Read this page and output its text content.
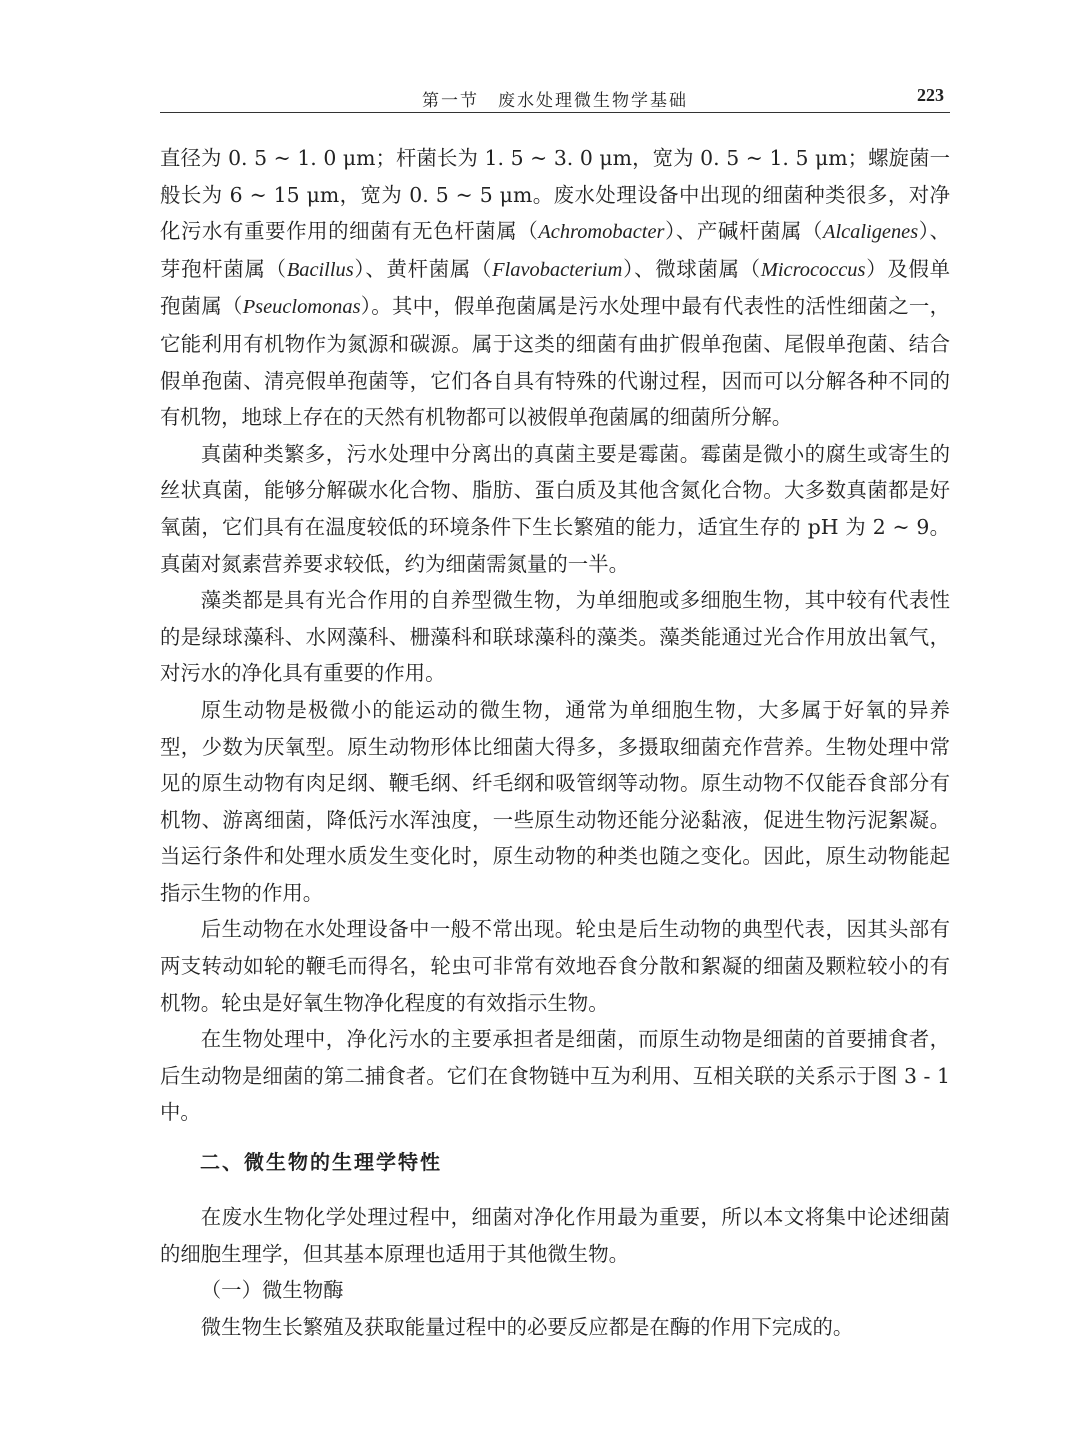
第一节　废水处理微生物学基础	223

直径为 0. 5 ~ 1. 0 μm；杆菌长为 1. 5 ~ 3. 0 μm，宽为 0. 5 ~ 1. 5 μm；螺旋菌一般长为 6 ~ 15 μm，宽为 0. 5 ~ 5 μm。废水处理设备中出现的细菌种类很多，对净化污水有重要作用的细菌有无色杆菌属（Achromobacter）、产碱杆菌属（Alcaligenes）、芽孢杆菌属（Bacillus）、黄杆菌属（Flavobacterium）、微球菌属（Micrococcus）及假单孢菌属（Pseuclomonas）。其中，假单孢菌属是污水处理中最有代表性的活性细菌之一，它能利用有机物作为氮源和碳源。属于这类的细菌有曲扩假单孢菌、尾假单孢菌、结合假单孢菌、清亮假单孢菌等，它们各自具有特殊的代谢过程，因而可以分解各种不同的有机物，地球上存在的天然有机物都可以被假单孢菌属的细菌所分解。

真菌种类繁多，污水处理中分离出的真菌主要是霉菌。霉菌是微小的腐生或寄生的丝状真菌，能够分解碳水化合物、脂肪、蛋白质及其他含氮化合物。大多数真菌都是好氧菌，它们具有在温度较低的环境条件下生长繁殖的能力，适宜生存的 pH 为 2 ~ 9。真菌对氮素营养要求较低，约为细菌需氮量的一半。

藻类都是具有光合作用的自养型微生物，为单细胞或多细胞生物，其中较有代表性的是绿球藻科、水网藻科、栅藻科和联球藻科的藻类。藻类能通过光合作用放出氧气，对污水的净化具有重要的作用。

原生动物是极微小的能运动的微生物，通常为单细胞生物，大多属于好氧的异养型，少数为厌氧型。原生动物形体比细菌大得多，多摄取细菌充作营养。生物处理中常见的原生动物有肉足纲、鞭毛纲、纤毛纲和吸管纲等动物。原生动物不仅能吞食部分有机物、游离细菌，降低污水浑浊度，一些原生动物还能分泌黏液，促进生物污泥絮凝。当运行条件和处理水质发生变化时，原生动物的种类也随之变化。因此，原生动物能起指示生物的作用。

后生动物在水处理设备中一般不常出现。轮虫是后生动物的典型代表，因其头部有两支转动如轮的鞭毛而得名，轮虫可非常有效地吞食分散和絮凝的细菌及颗粒较小的有机物。轮虫是好氧生物净化程度的有效指示生物。

在生物处理中，净化污水的主要承担者是细菌，而原生动物是细菌的首要捕食者，后生动物是细菌的第二捕食者。它们在食物链中互为利用、互相关联的关系示于图 3 - 1 中。

二、微生物的生理学特性

在废水生物化学处理过程中，细菌对净化作用最为重要，所以本文将集中论述细菌的细胞生理学，但其基本原理也适用于其他微生物。

（一）微生物酶

微生物生长繁殖及获取能量过程中的必要反应都是在酶的作用下完成的。
